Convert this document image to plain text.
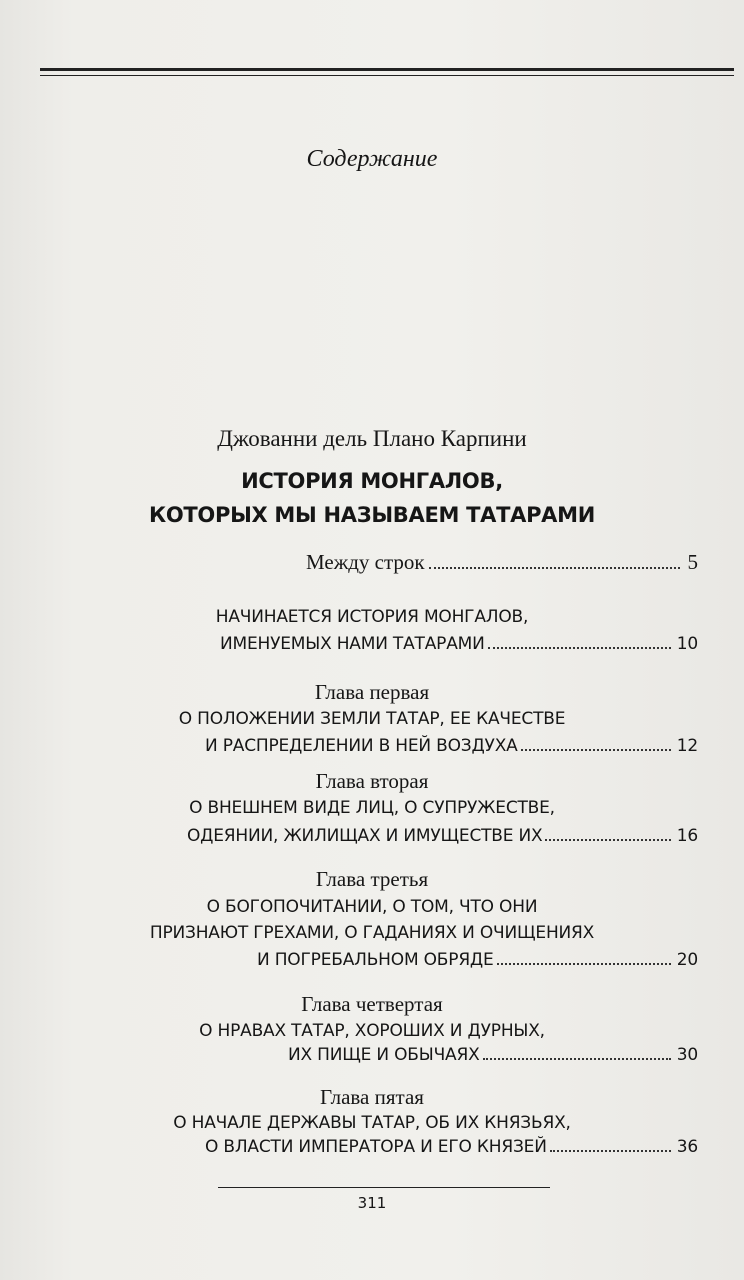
Содержание
Джованни дель Плано Карпини
ИСТОРИЯ МОНГАЛОВ,
КОТОРЫХ МЫ НАЗЫВАЕМ ТАТАРАМИ
Между строк	5
НАЧИНАЕТСЯ ИСТОРИЯ МОНГАЛОВ,
ИМЕНУЕМЫХ НАМИ ТАТАРАМИ	10
Глава первая
О ПОЛОЖЕНИИ ЗЕМЛИ ТАТАР, ЕЕ КАЧЕСТВЕ
И РАСПРЕДЕЛЕНИИ В НЕЙ ВОЗДУХА	12
Глава вторая
О ВНЕШНЕМ ВИДЕ ЛИЦ, О СУПРУЖЕСТВЕ,
ОДЕЯНИИ, ЖИЛИЩАХ И ИМУЩЕСТВЕ ИХ	16
Глава третья
О БОГОПОЧИТАНИИ, О ТОМ, ЧТО ОНИ
ПРИЗНАЮТ ГРЕХАМИ, О ГАДАНИЯХ И ОЧИЩЕНИЯХ
И ПОГРЕБАЛЬНОМ ОБРЯДЕ	20
Глава четвертая
О НРАВАХ ТАТАР, ХОРОШИХ И ДУРНЫХ,
ИХ ПИЩЕ И ОБЫЧАЯХ	30
Глава пятая
О НАЧАЛЕ ДЕРЖАВЫ ТАТАР, ОБ ИХ КНЯЗЬЯХ,
О ВЛАСТИ ИМПЕРАТОРА И ЕГО КНЯЗЕЙ	36
311
